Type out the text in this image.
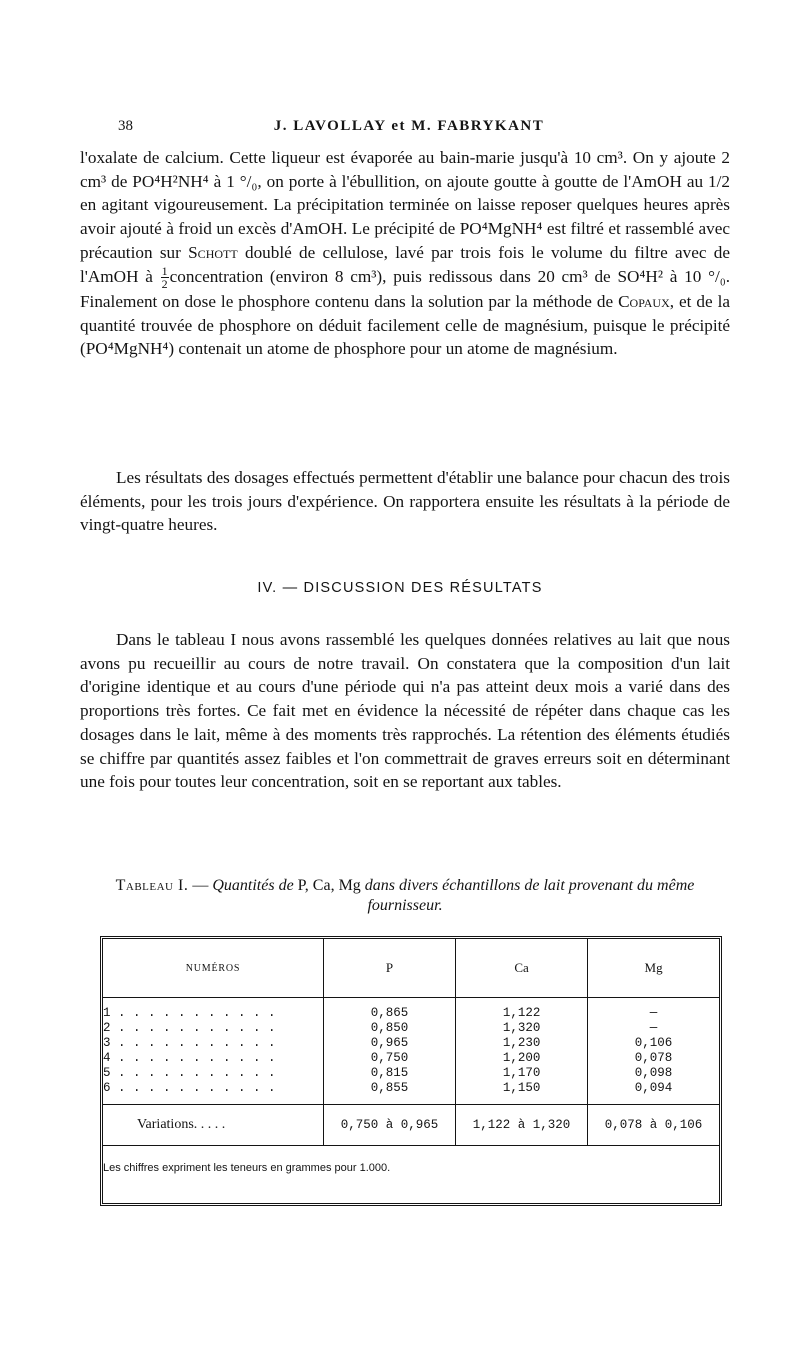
38	J. LAVOLLAY et M. FABRYKANT
l'oxalate de calcium. Cette liqueur est évaporée au bain-marie jusqu'à 10 cm³. On y ajoute 2 cm³ de PO⁴H²NH⁴ à 1 °/₀, on porte à l'ébullition, on ajoute goutte à goutte de l'AmOH au 1/2 en agitant vigoureusement. La précipitation terminée on laisse reposer quelques heures après avoir ajouté à froid un excès d'AmOH. Le précipité de PO⁴MgNH⁴ est filtré et rassemblé avec précaution sur Schott doublé de cellulose, lavé par trois fois le volume du filtre avec de l'AmOH à $\frac{1}{2}$ concentration (environ 8 cm³), puis redissous dans 20 cm³ de SO⁴H² à 10 °/₀. Finalement on dose le phosphore contenu dans la solution par la méthode de Copaux, et de la quantité trouvée de phosphore on déduit facilement celle de magnésium, puisque le précipité (PO⁴MgNH⁴) contenait un atome de phosphore pour un atome de magnésium.
Les résultats des dosages effectués permettent d'établir une balance pour chacun des trois éléments, pour les trois jours d'expérience. On rapportera ensuite les résultats à la période de vingt-quatre heures.
IV. — DISCUSSION DES RÉSULTATS
Dans le tableau I nous avons rassemblé les quelques données relatives au lait que nous avons pu recueillir au cours de notre travail. On constatera que la composition d'un lait d'origine identique et au cours d'une période qui n'a pas atteint deux mois a varié dans des proportions très fortes. Ce fait met en évidence la nécessité de répéter dans chaque cas les dosages dans le lait, même à des moments très rapprochés. La rétention des éléments étudiés se chiffre par quantités assez faibles et l'on commettrait de graves erreurs soit en déterminant une fois pour toutes leur concentration, soit en se reportant aux tables.
Tableau I. — Quantités de P, Ca, Mg dans divers échantillons de lait provenant du même fournisseur.
NUMÉROS	P	Ca	Mg
1 . . . . . . . . . . .	0,865	1,122	—
2 . . . . . . . . . . .	0,850	1,320	—
3 . . . . . . . . . . .	0,965	1,230	0,106
4 . . . . . . . . . . .	0,750	1,200	0,078
5 . . . . . . . . . . .	0,815	1,170	0,098
6 . . . . . . . . . . .	0,855	1,150	0,094
Variations. . . . .	0,750 à 0,965	1,122 à 1,320	0,078 à 0,106
Les chiffres expriment les teneurs en grammes pour 1.000.			
